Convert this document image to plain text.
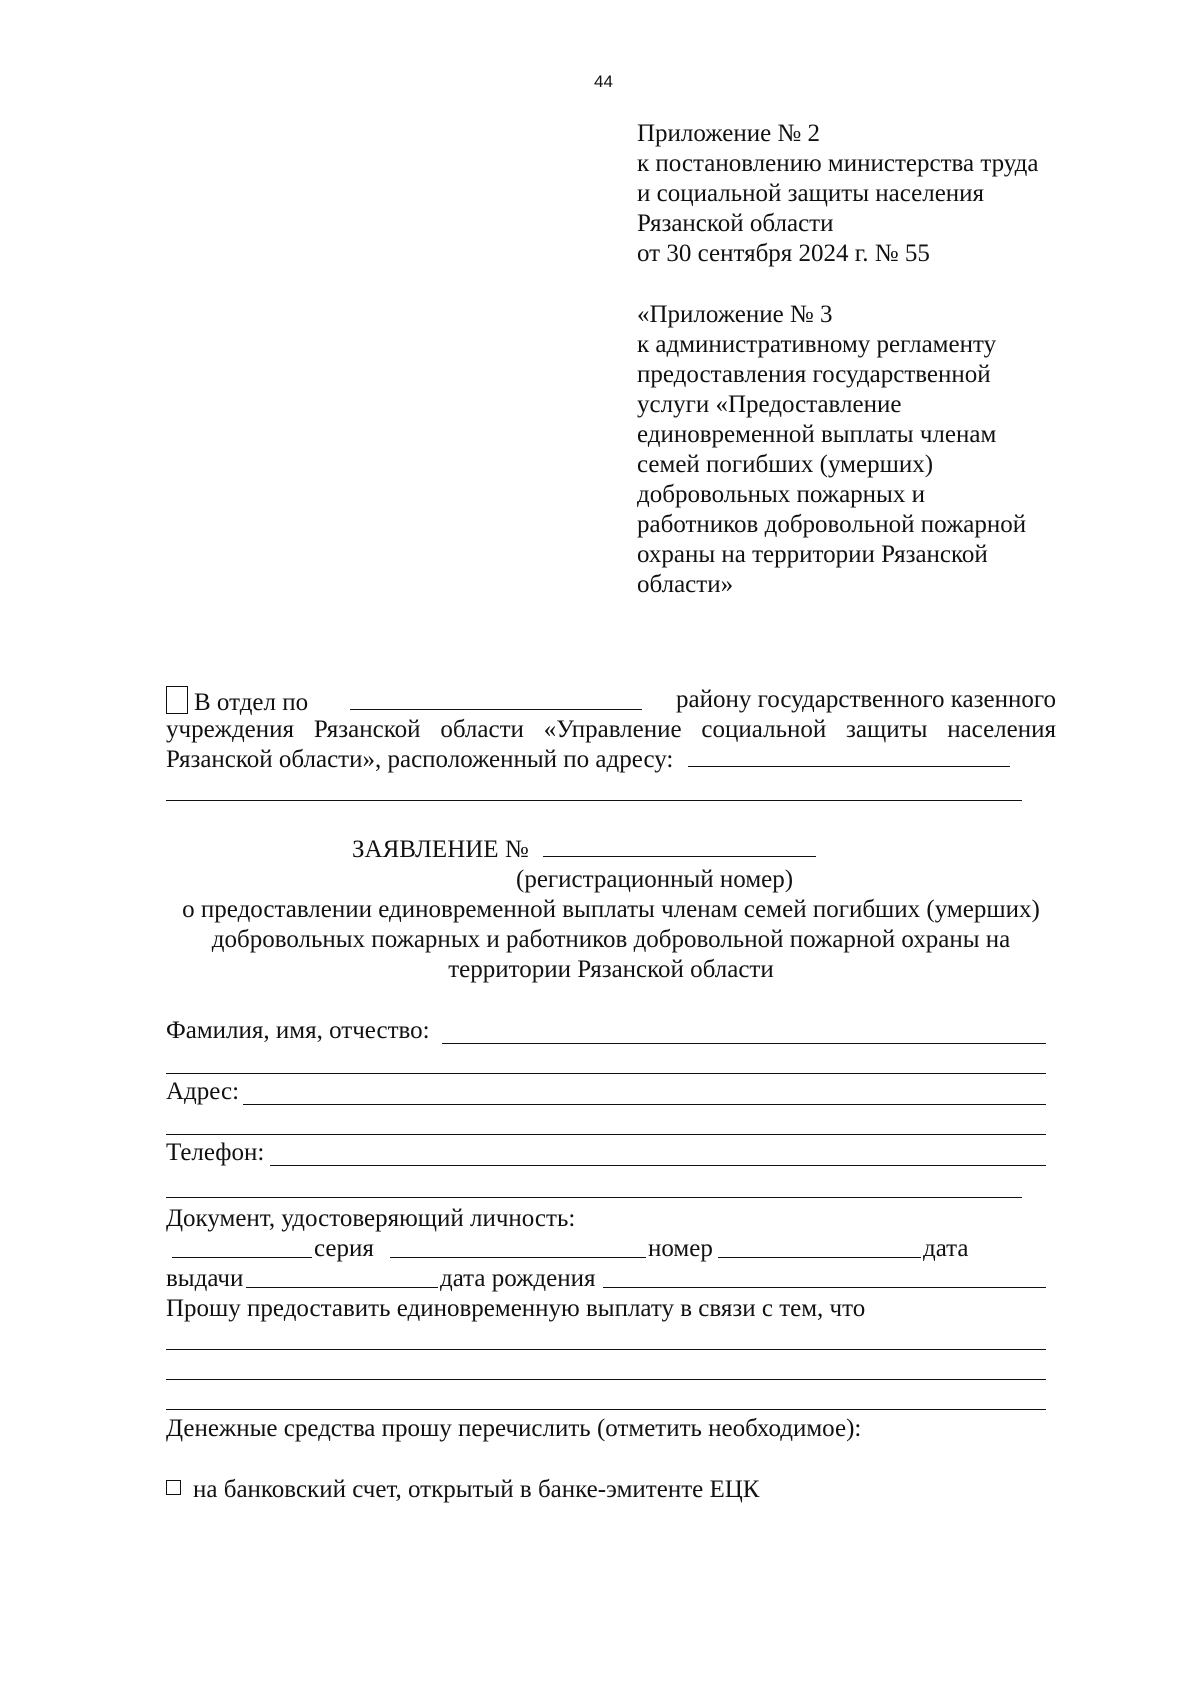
44
Приложение № 2
к постановлению министерства труда
и социальной защиты населения
Рязанской области
от 30 сентября 2024 г. № 55
«Приложение № 3
к административному регламенту
предоставления государственной
услуги «Предоставление
единовременной выплаты членам
семей погибших (умерших)
добровольных пожарных и
работников добровольной пожарной
охраны на территории Рязанской
области»
В отдел по	району государственного казенного
учреждения Рязанской области «Управление социальной защиты населения
Рязанской области», расположенный по адресу:
ЗАЯВЛЕНИЕ №
(регистрационный номер)
о предоставлении единовременной выплаты членам семей погибших (умерших)
добровольных пожарных и работников добровольной пожарной охраны на
территории Рязанской области
Фамилия, имя, отчество:
Адрес:
Телефон:
Документ, удостоверяющий личность:
серия	номер	дата
выдачи	дата рождения
Прошу предоставить единовременную выплату в связи с тем, что
Денежные средства прошу перечислить (отметить необходимое):
на банковский счет, открытый в банке-эмитенте ЕЦК
